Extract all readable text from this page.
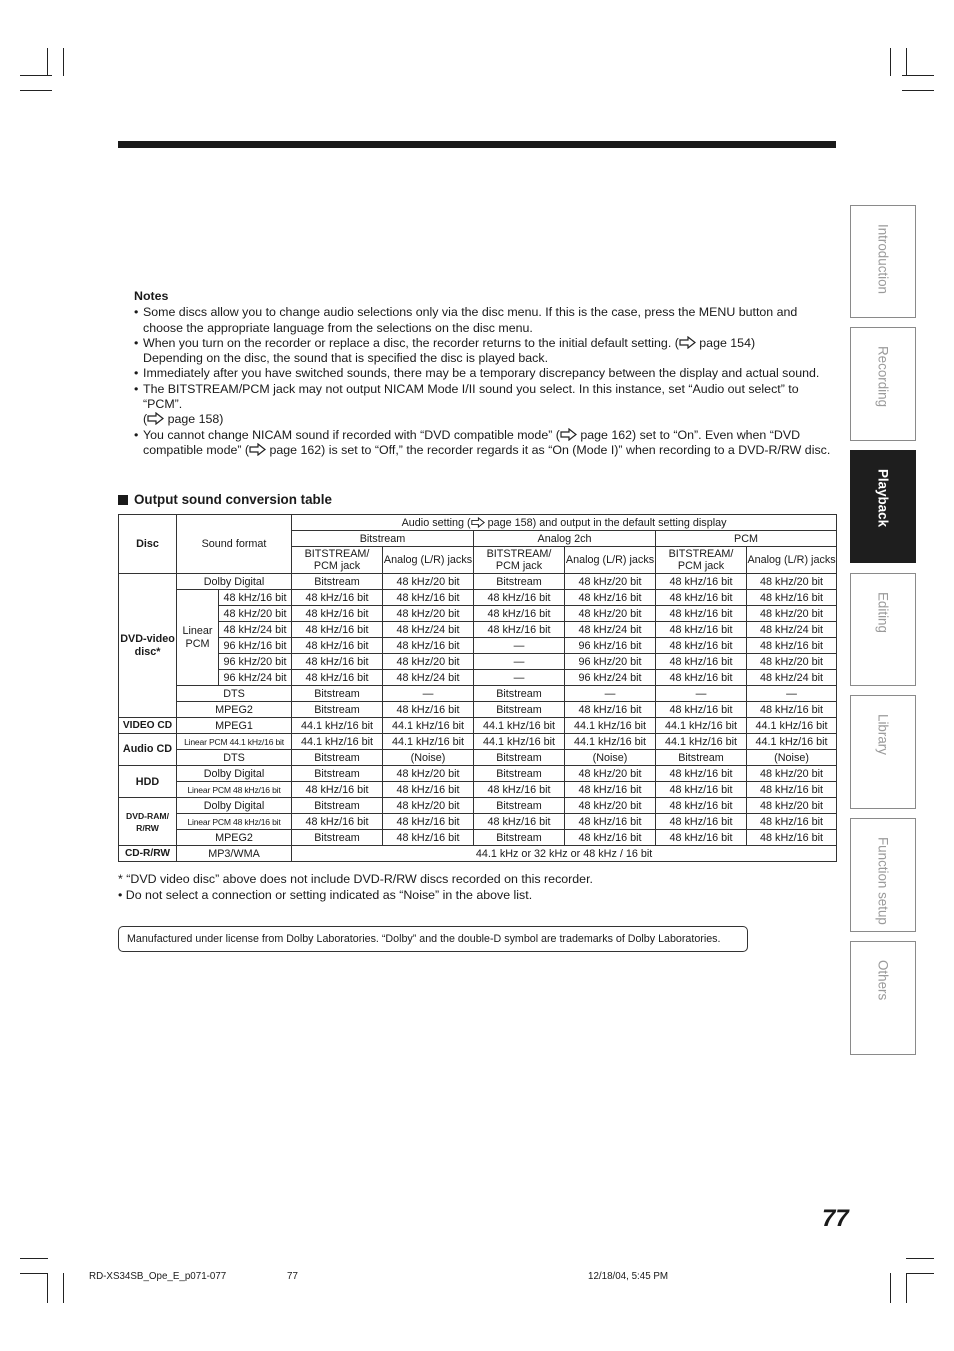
Notes
• Some discs allow you to change audio selections only via the disc menu. If this is the case, press the MENU button and choose the appropriate language from the selections on the disc menu.
• When you turn on the recorder or replace a disc, the recorder returns to the initial default setting. ( page 154)
Depending on the disc, the sound that is specified the disc is played back.
• Immediately after you have switched sounds, there may be a temporary discrepancy between the display and actual sound.
• The BITSTREAM/PCM jack may not output NICAM Mode I/II sound you select. In this instance, set “Audio out select” to “PCM”.
( page 158)
• You cannot change NICAM sound if recorded with “DVD compatible mode” ( page 162) set to “On”. Even when “DVD compatible mode” ( page 162) is set to “Off,” the recorder regards it as “On (Mode I)” when recording to a DVD-R/RW disc.
Output sound conversion table
Disc	Sound format		Audio setting ( page 158) and output in the default setting display					
			Bitstream		Analog 2ch		PCM	
			BITSTREAM/ PCM jack	Analog (L/R) jacks	BITSTREAM/ PCM jack	Analog (L/R) jacks	BITSTREAM/ PCM jack	Analog (L/R) jacks
DVD-video disc*	Dolby Digital		Bitstream	48 kHz/20 bit	Bitstream	48 kHz/20 bit	48 kHz/16 bit	48 kHz/20 bit
	Linear PCM	48 kHz/16 bit	48 kHz/16 bit	48 kHz/16 bit	48 kHz/16 bit	48 kHz/16 bit	48 kHz/16 bit	48 kHz/16 bit
		48 kHz/20 bit	48 kHz/16 bit	48 kHz/20 bit	48 kHz/16 bit	48 kHz/20 bit	48 kHz/16 bit	48 kHz/20 bit
		48 kHz/24 bit	48 kHz/16 bit	48 kHz/24 bit	48 kHz/16 bit	48 kHz/24 bit	48 kHz/16 bit	48 kHz/24 bit
		96 kHz/16 bit	48 kHz/16 bit	48 kHz/16 bit	—	96 kHz/16 bit	48 kHz/16 bit	48 kHz/16 bit
		96 kHz/20 bit	48 kHz/16 bit	48 kHz/20 bit	—	96 kHz/20 bit	48 kHz/16 bit	48 kHz/20 bit
		96 kHz/24 bit	48 kHz/16 bit	48 kHz/24 bit	—	96 kHz/24 bit	48 kHz/16 bit	48 kHz/24 bit
	DTS		Bitstream	—	Bitstream	—	—	—
	MPEG2		Bitstream	48 kHz/16 bit	Bitstream	48 kHz/16 bit	48 kHz/16 bit	48 kHz/16 bit
VIDEO CD	MPEG1		44.1 kHz/16 bit	44.1 kHz/16 bit	44.1 kHz/16 bit	44.1 kHz/16 bit	44.1 kHz/16 bit	44.1 kHz/16 bit
Audio CD	Linear PCM 44.1 kHz/16 bit		44.1 kHz/16 bit	44.1 kHz/16 bit	44.1 kHz/16 bit	44.1 kHz/16 bit	44.1 kHz/16 bit	44.1 kHz/16 bit
	DTS		Bitstream	(Noise)	Bitstream	(Noise)	Bitstream	(Noise)
HDD	Dolby Digital		Bitstream	48 kHz/20 bit	Bitstream	48 kHz/20 bit	48 kHz/16 bit	48 kHz/20 bit
	Linear PCM 48 kHz/16 bit		48 kHz/16 bit	48 kHz/16 bit	48 kHz/16 bit	48 kHz/16 bit	48 kHz/16 bit	48 kHz/16 bit
DVD-RAM/ R/RW	Dolby Digital		Bitstream	48 kHz/20 bit	Bitstream	48 kHz/20 bit	48 kHz/16 bit	48 kHz/20 bit
	Linear PCM 48 kHz/16 bit		48 kHz/16 bit	48 kHz/16 bit	48 kHz/16 bit	48 kHz/16 bit	48 kHz/16 bit	48 kHz/16 bit
	MPEG2		Bitstream	48 kHz/16 bit	Bitstream	48 kHz/16 bit	48 kHz/16 bit	48 kHz/16 bit
CD-R/RW	MP3/WMA		44.1 kHz or 32 kHz or 48 kHz / 16 bit					

* “DVD video disc” above does not include DVD-R/RW discs recorded on this recorder.

• Do not select a connection or setting indicated as “Noise” in the above list.

Manufactured under license from Dolby Laboratories. “Dolby” and the double-D symbol are trademarks of Dolby Laboratories.
Introduction
Recording
Playback
Editing
Library
Function setup
Others
77
RD-XS34SB_Ope_E_p071-077	77	12/18/04, 5:45 PM
